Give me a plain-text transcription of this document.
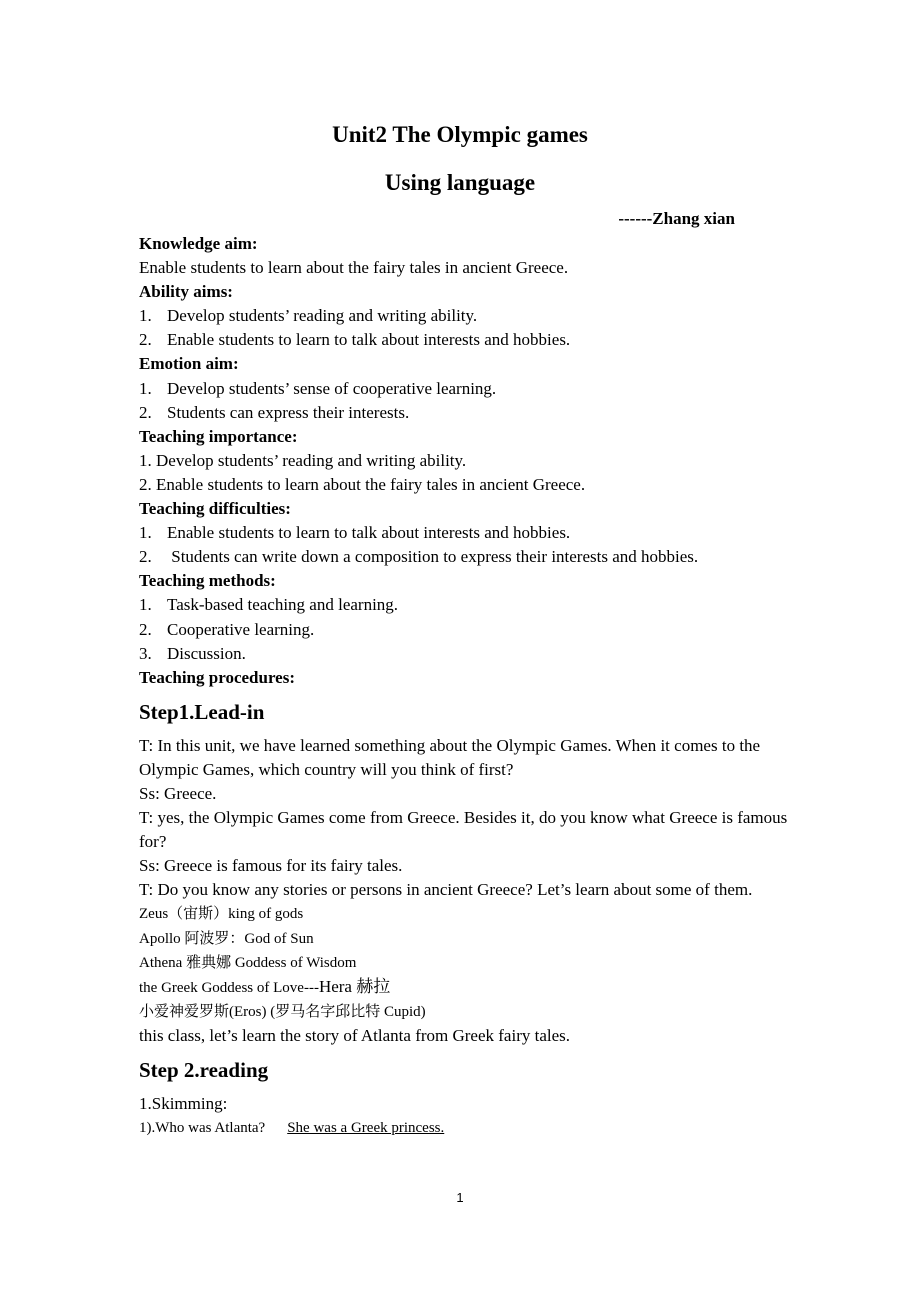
Unit2 The Olympic games
Using language
------Zhang xian
Knowledge aim:
Enable students to learn about the fairy tales in ancient Greece.
Ability aims:
1. Develop students’ reading and writing ability.
2. Enable students to learn to talk about interests and hobbies.
Emotion aim:
1. Develop students’ sense of cooperative learning.
2. Students can express their interests.
Teaching importance:
1. Develop students’ reading and writing ability.
2. Enable students to learn about the fairy tales in ancient Greece.
Teaching difficulties:
1. Enable students to learn to talk about interests and hobbies.
2. Students can write down a composition to express their interests and hobbies.
Teaching methods:
1. Task-based teaching and learning.
2. Cooperative learning.
3. Discussion.
Teaching procedures:
Step1.Lead-in
T: In this unit, we have learned something about the Olympic Games. When it comes to the Olympic Games, which country will you think of first?
Ss: Greece.
T: yes, the Olympic Games come from Greece. Besides it, do you know what Greece is famous for?
Ss: Greece is famous for its fairy tales.
T: Do you know any stories or persons in ancient Greece? Let’s learn about some of them.
Zeus（宙斯）king of gods
Apollo 阿波罗：God of Sun
Athena 雅典娜 Goddess of Wisdom
the Greek Goddess of Love---Hera 赫拉
小爱神爱罗斯(Eros) (罗马名字邱比特 Cupid)
this class, let’s learn the story of Atlanta from Greek fairy tales.
Step 2.reading
1.Skimming:
1).Who was Atlanta? She was a Greek princess.
1
